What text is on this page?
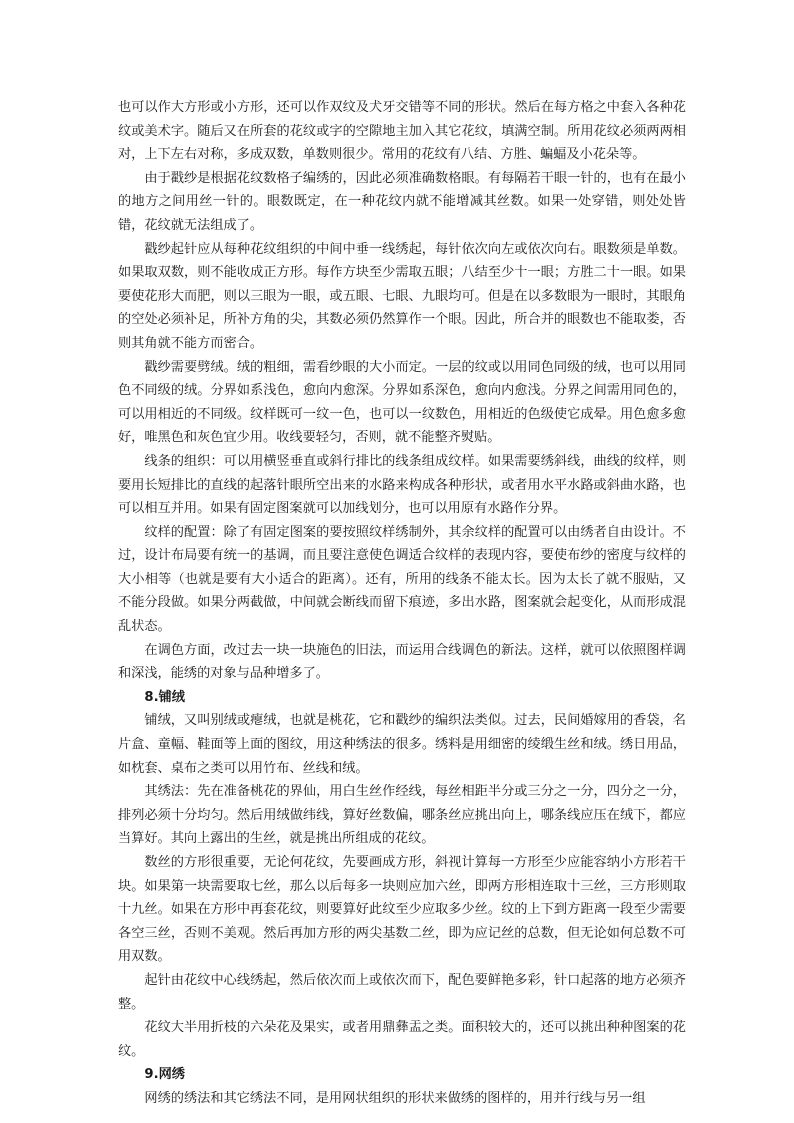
也可以作大方形或小方形，还可以作双纹及犬牙交错等不同的形状。然后在每方格之中套入各种花纹或美术字。随后又在所套的花纹或字的空隙地主加入其它花纹，填满空制。所用花纹必须两两相对，上下左右对称，多成双数，单数则很少。常用的花纹有八结、方胜、蝙蝠及小花朵等。

由于戳纱是根据花纹数格子编绣的，因此必须准确数格眼。有每隔若干眼一针的，也有在最小的地方之间用丝一针的。眼数既定，在一种花纹内就不能增减其丝数。如果一处穿错，则处处皆错，花纹就无法组成了。

戳纱起针应从每种花纹组织的中间中垂一线绣起，每针依次向左或依次向右。眼数须是单数。如果取双数，则不能收成正方形。每作方块至少需取五眼；八结至少十一眼；方胜二十一眼。如果要使花形大而肥，则以三眼为一眼，或五眼、七眼、九眼均可。但是在以多数眼为一眼时，其眼角的空处必须补足，所补方角的尖，其数必须仍然算作一个眼。因此，所合并的眼数也不能取娄，否则其角就不能方而密合。

戳纱需要劈绒。绒的粗细，需看纱眼的大小而定。一层的纹或以用同色同级的绒，也可以用同色不同级的绒。分界如系浅色，愈向内愈深。分界如系深色，愈向内愈浅。分界之间需用同色的，可以用相近的不同级。纹样既可一纹一色，也可以一纹数色，用相近的色级使它成晕。用色愈多愈好，唯黑色和灰色宜少用。收线要轻匀，否则，就不能整齐熨贴。

线条的组织：可以用横竖垂直或斜行排比的线条组成纹样。如果需要绣斜线，曲线的纹样，则要用长短排比的直线的起落针眼所空出来的水路来构成各种形状，或者用水平水路或斜曲水路，也可以相互并用。如果有固定图案就可以加线划分，也可以用原有水路作分界。

纹样的配置：除了有固定图案的要按照纹样绣制外，其余纹样的配置可以由绣者自由设计。不过，设计布局要有统一的基调，而且要注意使色调适合纹样的表现内容，要使布纱的密度与纹样的大小相等（也就是要有大小适合的距离）。还有，所用的线条不能太长。因为太长了就不服贴，又不能分段做。如果分两截做，中间就会断线而留下痕迹，多出水路，图案就会起变化，从而形成混乱状态。

在调色方面，改过去一块一块施色的旧法，而运用合线调色的新法。这样，就可以依照图样调和深浅，能绣的对象与品种增多了。

8.铺绒

铺绒，又叫别绒或瘪绒，也就是桃花，它和戳纱的编织法类似。过去，民间婚嫁用的香袋，名片盒、童幅、鞋面等上面的图纹，用这种绣法的很多。绣料是用细密的绫缎生丝和绒。绣日用品，如枕套、桌布之类可以用竹布、丝线和绒。

其绣法：先在准备桃花的界仙，用白生丝作经线，每丝相距半分或三分之一分，四分之一分，排列必须十分均匀。然后用绒做纬线，算好丝数偏，哪条丝应挑出向上，哪条线应压在绒下，都应当算好。其向上露出的生丝，就是挑出所组成的花纹。

数丝的方形很重要，无论何花纹，先要画成方形，斜视计算每一方形至少应能容纳小方形若干块。如果第一块需要取七丝，那么以后每多一块则应加六丝，即两方形相连取十三丝，三方形则取十九丝。如果在方形中再套花纹，则要算好此纹至少应取多少丝。纹的上下到方距离一段至少需要各空三丝，否则不美观。然后再加方形的两尖基数二丝，即为应记丝的总数，但无论如何总数不可用双数。

起针由花纹中心线绣起，然后依次而上或依次而下，配色要鲜艳多彩，针口起落的地方必须齐整。

花纹大半用折枝的六朵花及果实，或者用鼎彝盂之类。面积较大的，还可以挑出种种图案的花纹。

9.网绣

网绣的绣法和其它绣法不同，是用网状组织的形状来做绣的图样的，用并行线与另一组
